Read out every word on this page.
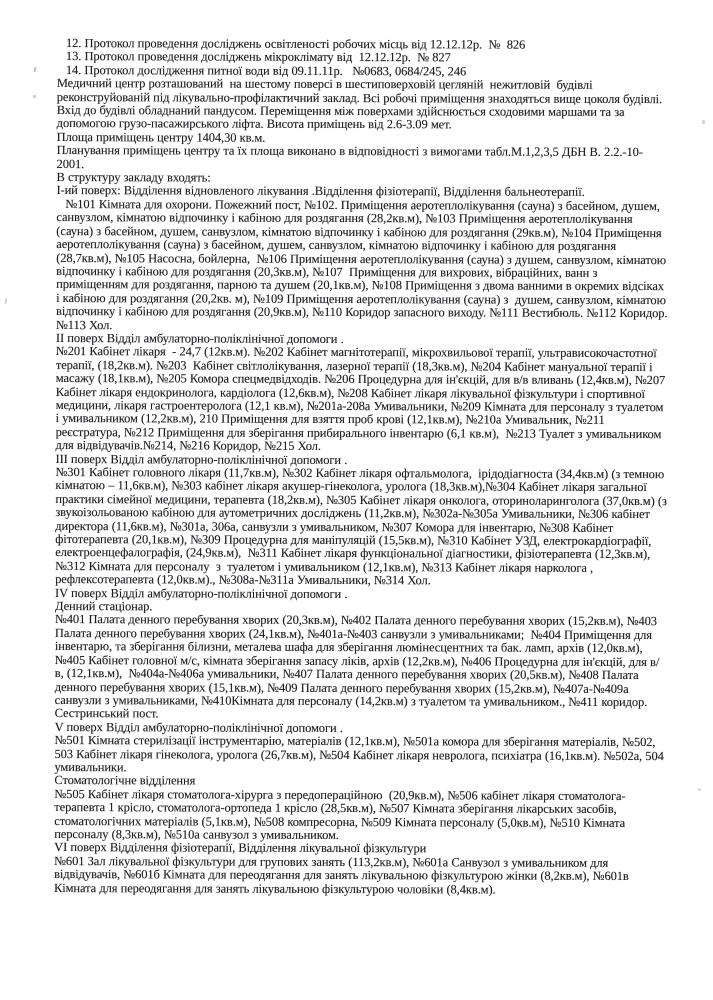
12. Протокол проведення досліджень освітленості робочих місць від 12.12.12р.  №  826

13. Протокол проведення досліджень мікроклімату від  12.12.12р.  № 827

14. Протокол дослідження питної води від 09.11.11р.   №0683, 0684/245, 246

Медичний центр розташований  на шестому поверсі в шестиповерховій цегляній  нежитловій  будівлі реконструйованій під лікувально-профілактичний заклад. Всі робочі приміщення знаходяться вище цоколя будівлі. Вхід до будівлі обладнаний пандусом. Переміщення між поверхами здійснюється сходовими маршами та за допомогою грузо-пасажирського ліфта. Висота приміщень від 2.6-3.09 мет.

Площа приміщень центру 1404,30 кв.м.

Планування приміщень центру та їх площа виконано в відповідності з вимогами табл.М.1,2,3,5 ДБН В. 2.2.-10-2001.

В структуру закладу входять:

І-ий поверх: Відділення відновленого лікування .Відділення фізіотерапії, Відділення бальнеотерапії.

№101 Кімната для охорони. Пожежний пост, №102. Приміщення аеротеплолікування (сауна) з басейном, душем, санвузлом, кімнатою відпочинку і кабіною для роздягання (28,2кв.м), №103 Приміщення аеротеплолікування (сауна) з басейном, душем, санвузлом, кімнатою відпочинку і кабіною для роздягання (29кв.м), №104 Приміщення аеротеплолікування (сауна) з басейном, душем, санвузлом, кімнатою відпочинку і кабіною для роздягання (28,7кв.м), №105 Насосна, бойлерна,  №106 Приміщення аеротеплолікування (сауна) з душем, санвузлом, кімнатою відпочинку і кабіною для роздягання (20,3кв.м), №107  Приміщення для вихрових, вібраційних, ванн з приміщенням для роздягання, парною та душем (20,1кв.м), №108 Приміщення з двома ванними в окремих відсіках і кабіною для роздягання (20,2кв. м), №109 Приміщення аеротеплолікування (сауна) з  душем, санвузлом, кімнатою відпочинку і кабіною для роздягання (20,9кв.м), №110 Коридор запасного виходу. №111 Вестибюль. №112 Коридор. №113 Хол.

ІІ поверх Відділ амбулаторно-поліклінічної допомоги .

№201 Кабінет лікаря  - 24,7 (12кв.м). №202 Кабінет магнітотерапії, мікрохвильової терапії, ультрависокочастотної терапії, (18,2кв.м). №203  Кабінет світлолікування, лазерної терапії (18,3кв.м), №204 Кабінет мануальної терапії і масажу (18,1кв.м), №205 Комора спецмедвідходів. №206 Процедурна для ін'єкцій, для в/в вливань (12,4кв.м), №207 Кабінет лікаря ендокринолога, кардіолога (12,6кв.м), №208 Кабінет лікаря лікувальної фізкультури і спортивної медицини, лікаря гастроентеролога (12,1 кв.м), №201а-208а Умивальники, №209 Кімната для персоналу з туалетом і умивальником (12,2кв.м), 210 Приміщення для взяття проб крові (12,1кв.м), №210а Умивальник, №211 реєстратура, №212 Приміщення для зберігання прибирального інвентарю (6,1 кв.м),  №213 Туалет з умивальником для відвідувачів.№214, №216 Коридор, №215 Хол.

ІІІ поверх Відділ амбулаторно-поліклінічної допомоги .

№301 Кабінет головного лікаря (11,7кв.м), №302 Кабінет лікаря офтальмолога,  ірідодіагноста (34,4кв.м) (з темною кімнатою – 11,6кв.м), №303 кабінет лікаря акушер-гінеколога, уролога (18,3кв.м),№304 Кабінет лікаря загальної практики сімейної медицини, терапевта (18,2кв.м), №305 Кабінет лікаря онколога, оториноларинголога (37,0кв.м) (з звукоізольованою кабіною для аутометричних досліджень (11,2кв.м), №302а-№305а Умивальники, №306 кабінет директора (11,6кв.м), №301а, 306а, санвузли з умивальником, №307 Комора для інвентарю, №308 Кабінет фітотерапевта (20,1кв.м), №309 Процедурна для маніпуляцій (15,5кв.м), №310 Кабінет УЗД, електрокардіографії, електроенцефалографія, (24,9кв.м),  №311 Кабінет лікаря функціональної діагностики, фізіотерапевта (12,3кв.м), №312 Кімната для персоналу  з  туалетом і умивальником (12,1кв.м), №313 Кабінет лікаря нарколога , рефлексотерапевта (12,0кв.м)., №308а-№311а Умивальники, №314 Хол.

IV поверх Відділ амбулаторно-поліклінічної допомоги .

Денний стаціонар.

№401 Палата денного перебування хворих (20,3кв.м), №402 Палата денного перебування хворих (15,2кв.м), №403 Палата денного перебування хворих (24,1кв.м), №401а-№403 санвузли з умивальниками;  №404 Приміщення для інвентарю, та зберігання білизни, металева шафа для зберігання люмінесцентних та бак. ламп, архів (12,0кв.м), №405 Кабінет головної м/с, кімната зберігання запасу ліків, архів (12,2кв.м), №406 Процедурна для ін'єкцій, для в/в, (12,1кв.м),  №404а-№406а умивальники, №407 Палата денного перебування хворих (20,5кв.м), №408 Палата денного перебування хворих (15,1кв.м), №409 Палата денного перебування хворих (15,2кв.м), №407а-№409а санвузли з умивальниками, №410Кімната для персоналу (14,2кв.м) з туалетом та умивальником., №411 коридор. Сестринський пост.

V поверх Відділ амбулаторно-поліклінічної допомоги .

№501 Кімната стерилізації інструментарію, матеріалів (12,1кв.м), №501а комора для зберігання матеріалів, №502, 503 Кабінет лікаря гінеколога, уролога (26,7кв.м), №504 Кабінет лікаря невролога, психіатра (16,1кв.м). №502а, 504 умивальники.

Стоматологічне відділення

№505 Кабінет лікаря стоматолога-хірурга з передопераційною  (20,9кв.м), №506 кабінет лікаря стоматолога-терапевта 1 крісло, стоматолога-ортопеда 1 крісло (28,5кв.м), №507 Кімната зберігання лікарських засобів, стоматологічних матеріалів (5,1кв.м), №508 компресорна, №509 Кімната персоналу (5,0кв.м), №510 Кімната персоналу (8,3кв.м), №510а санвузол з умивальником.

VI поверх Відділення фізіотерапії, Відділення лікувальної фізкультури

№601 Зал лікувальної фізкультури для групових занять (113,2кв.м), №601а Санвузол з умивальником для відвідувачів, №601б Кімната для переодягання для занять лікувальною фізкультурою жінки (8,2кв.м), №601в Кімната для переодягання для занять лікувальною фізкультурою чоловіки (8,4кв.м).
